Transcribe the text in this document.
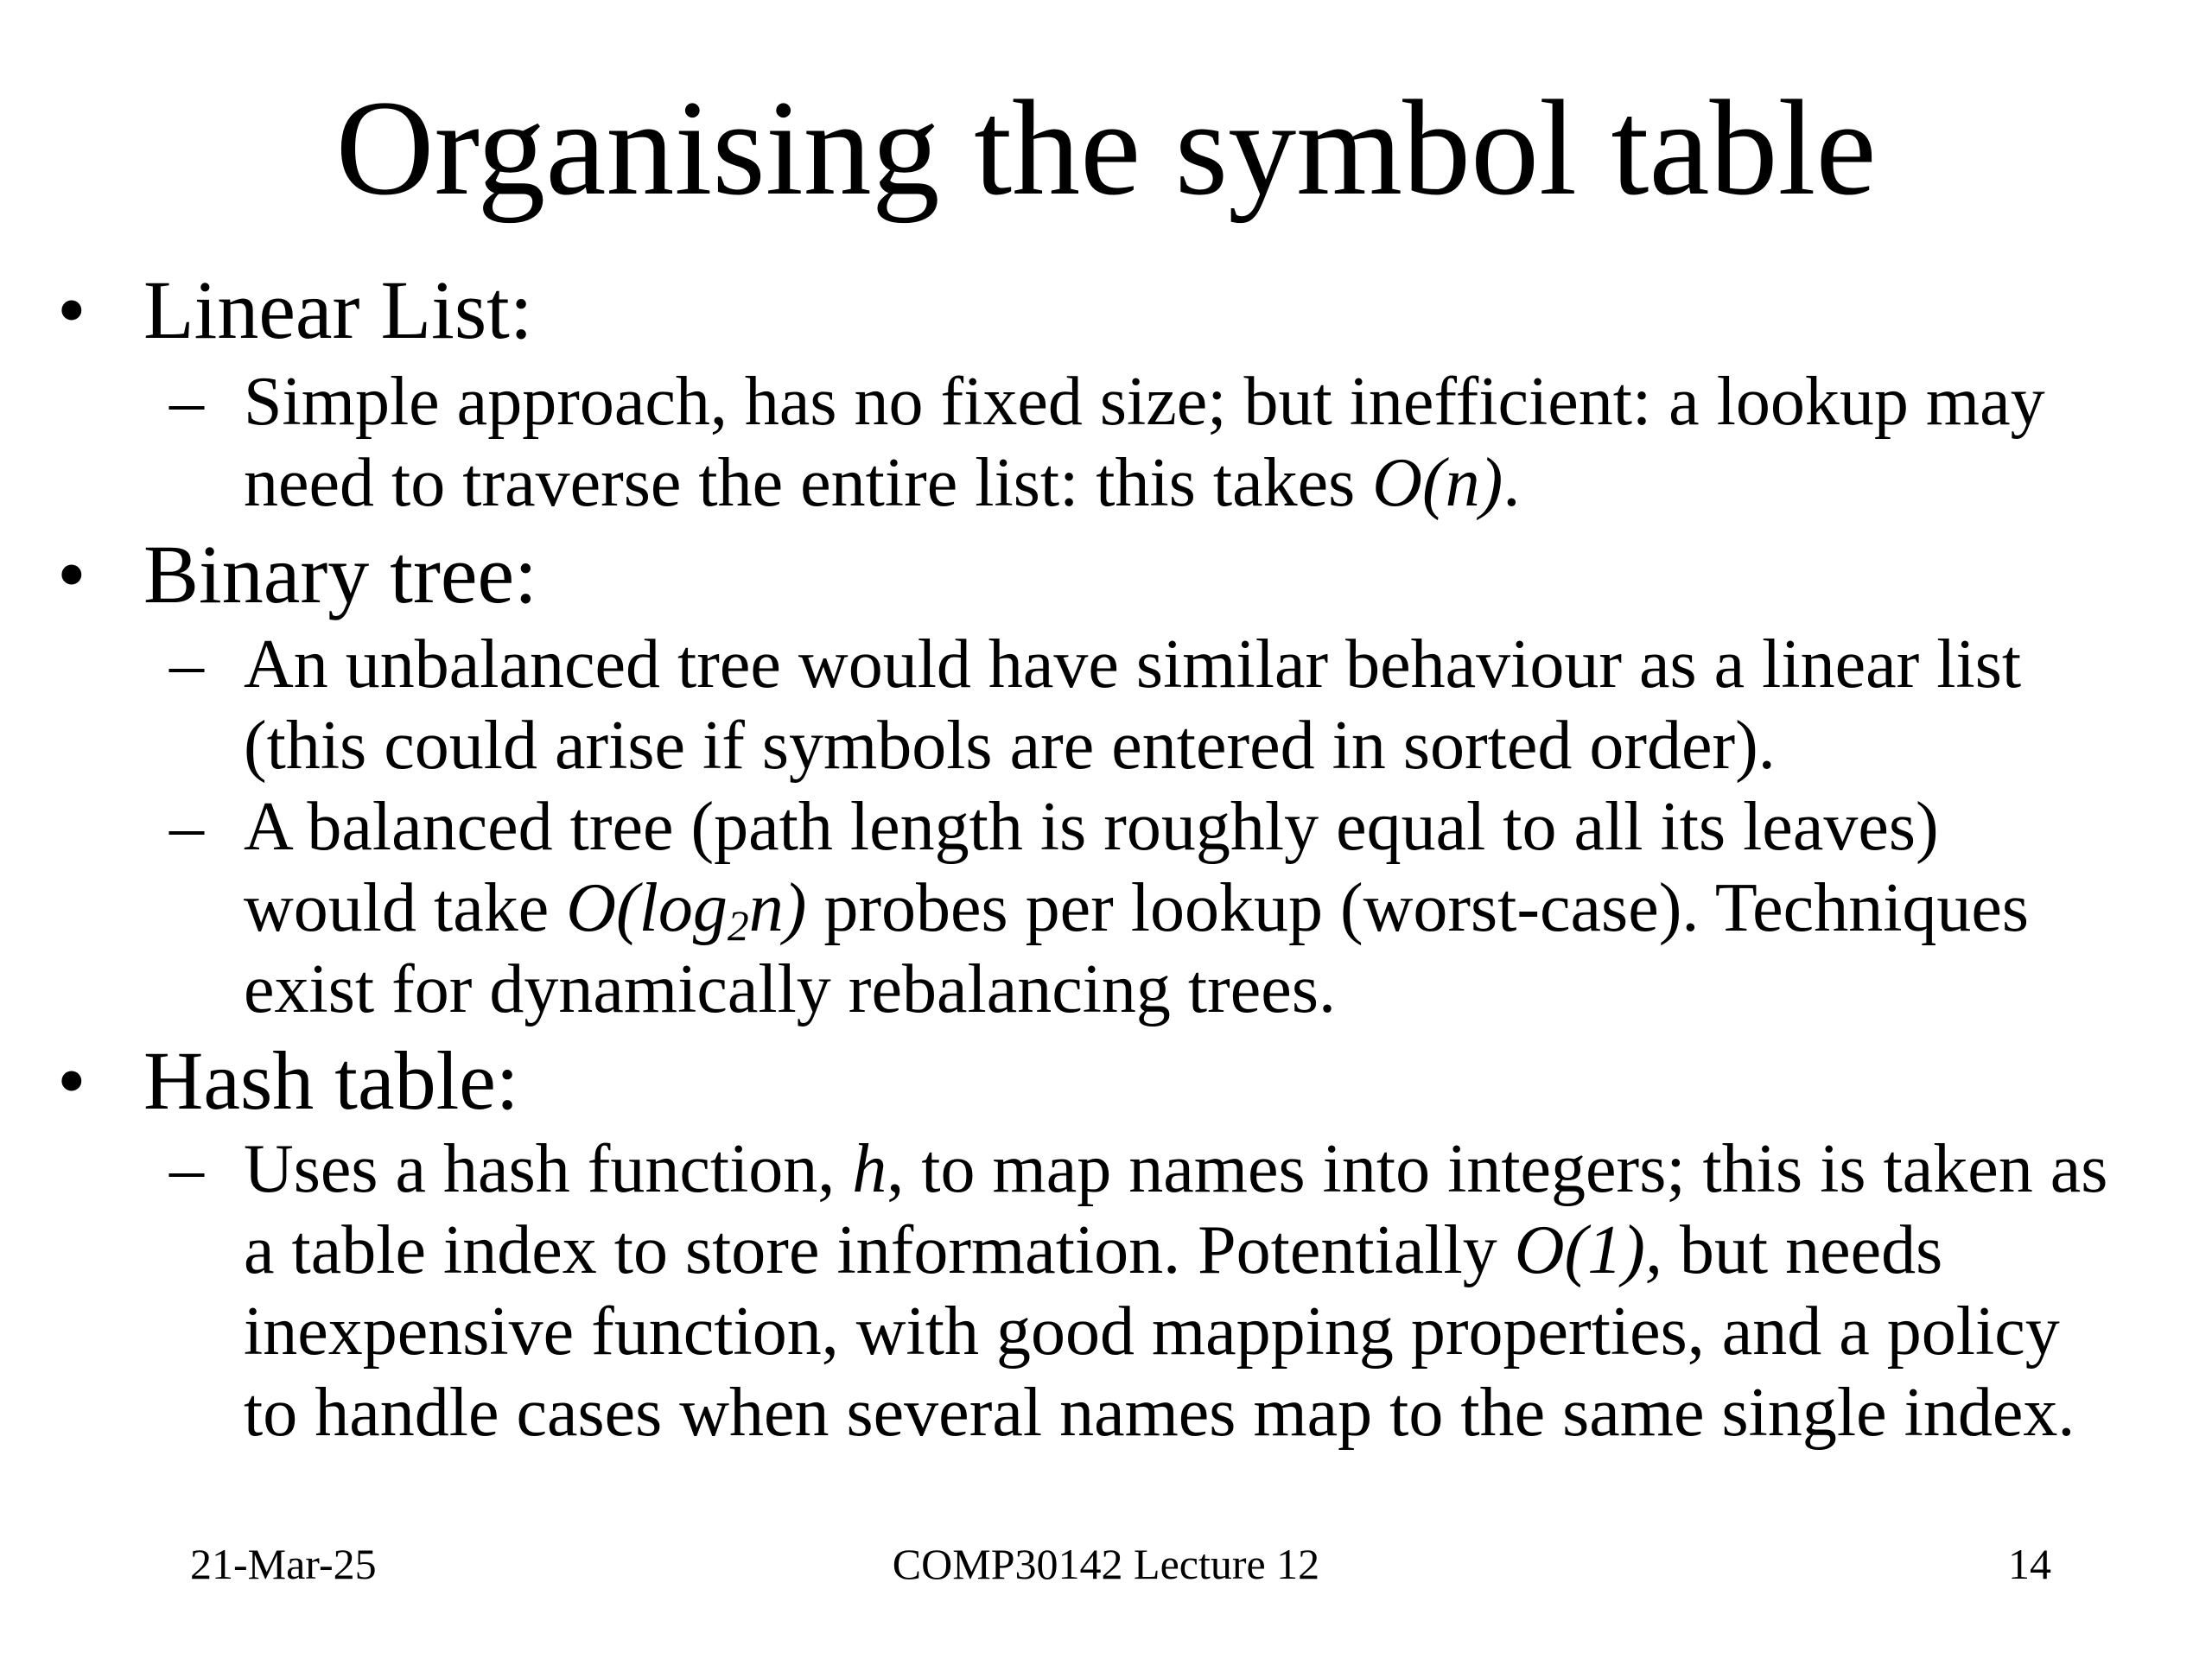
Organising the symbol table
• Linear List:
– Simple approach, has no fixed size; but inefficient: a lookup may
need to traverse the entire list: this takes O(n).
• Binary tree:
– An unbalanced tree would have similar behaviour as a linear list
(this could arise if symbols are entered in sorted order).
– A balanced tree (path length is roughly equal to all its leaves)
would take $O(\log_2n)$ probes per lookup (worst-case). Techniques
exist for dynamically rebalancing trees.
• Hash table:
– Uses a hash function, h, to map names into integers; this is taken as
a table index to store information. Potentially O(1), but needs
inexpensive function, with good mapping properties, and a policy
to handle cases when several names map to the same single index.
21-Mar-25	COMP30142 Lecture 12	14
